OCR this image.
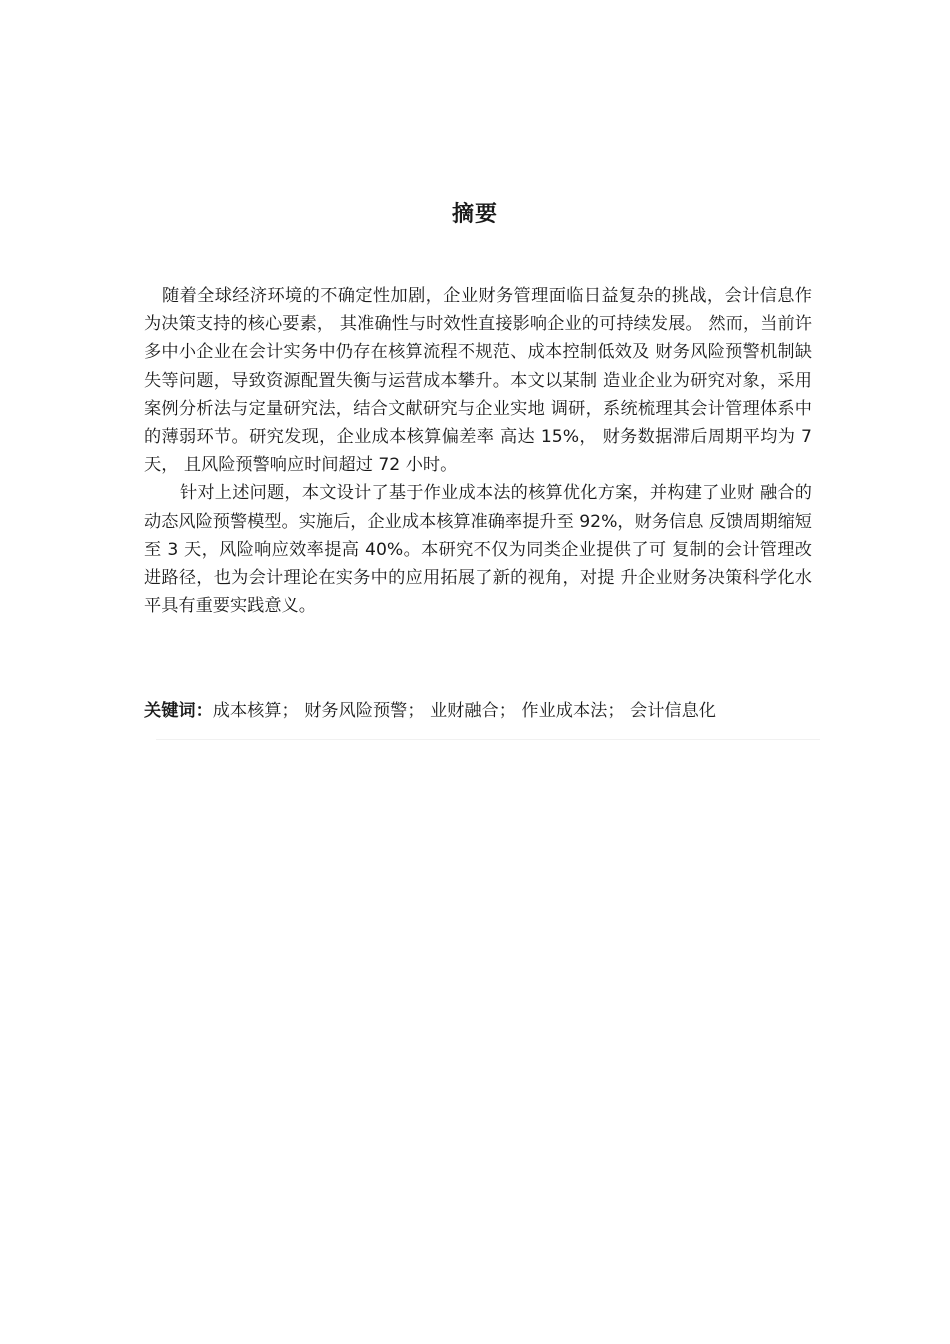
摘要

随着全球经济环境的不确定性加剧，企业财务管理面临日益复杂的挑战，会计信息作为决策支持的核心要素， 其准确性与时效性直接影响企业的可持续发展。 然而，当前许多中小企业在会计实务中仍存在核算流程不规范、成本控制低效及 财务风险预警机制缺失等问题，导致资源配置失衡与运营成本攀升。本文以某制 造业企业为研究对象，采用案例分析法与定量研究法，结合文献研究与企业实地 调研，系统梳理其会计管理体系中的薄弱环节。研究发现，企业成本核算偏差率 高达 15%， 财务数据滞后周期平均为 7 天， 且风险预警响应时间超过 72 小时。

针对上述问题，本文设计了基于作业成本法的核算优化方案，并构建了业财 融合的动态风险预警模型。实施后，企业成本核算准确率提升至 92%，财务信息 反馈周期缩短至 3 天，风险响应效率提高 40%。本研究不仅为同类企业提供了可 复制的会计管理改进路径，也为会计理论在实务中的应用拓展了新的视角，对提 升企业财务决策科学化水平具有重要实践意义。

关键词：成本核算； 财务风险预警； 业财融合； 作业成本法； 会计信息化
